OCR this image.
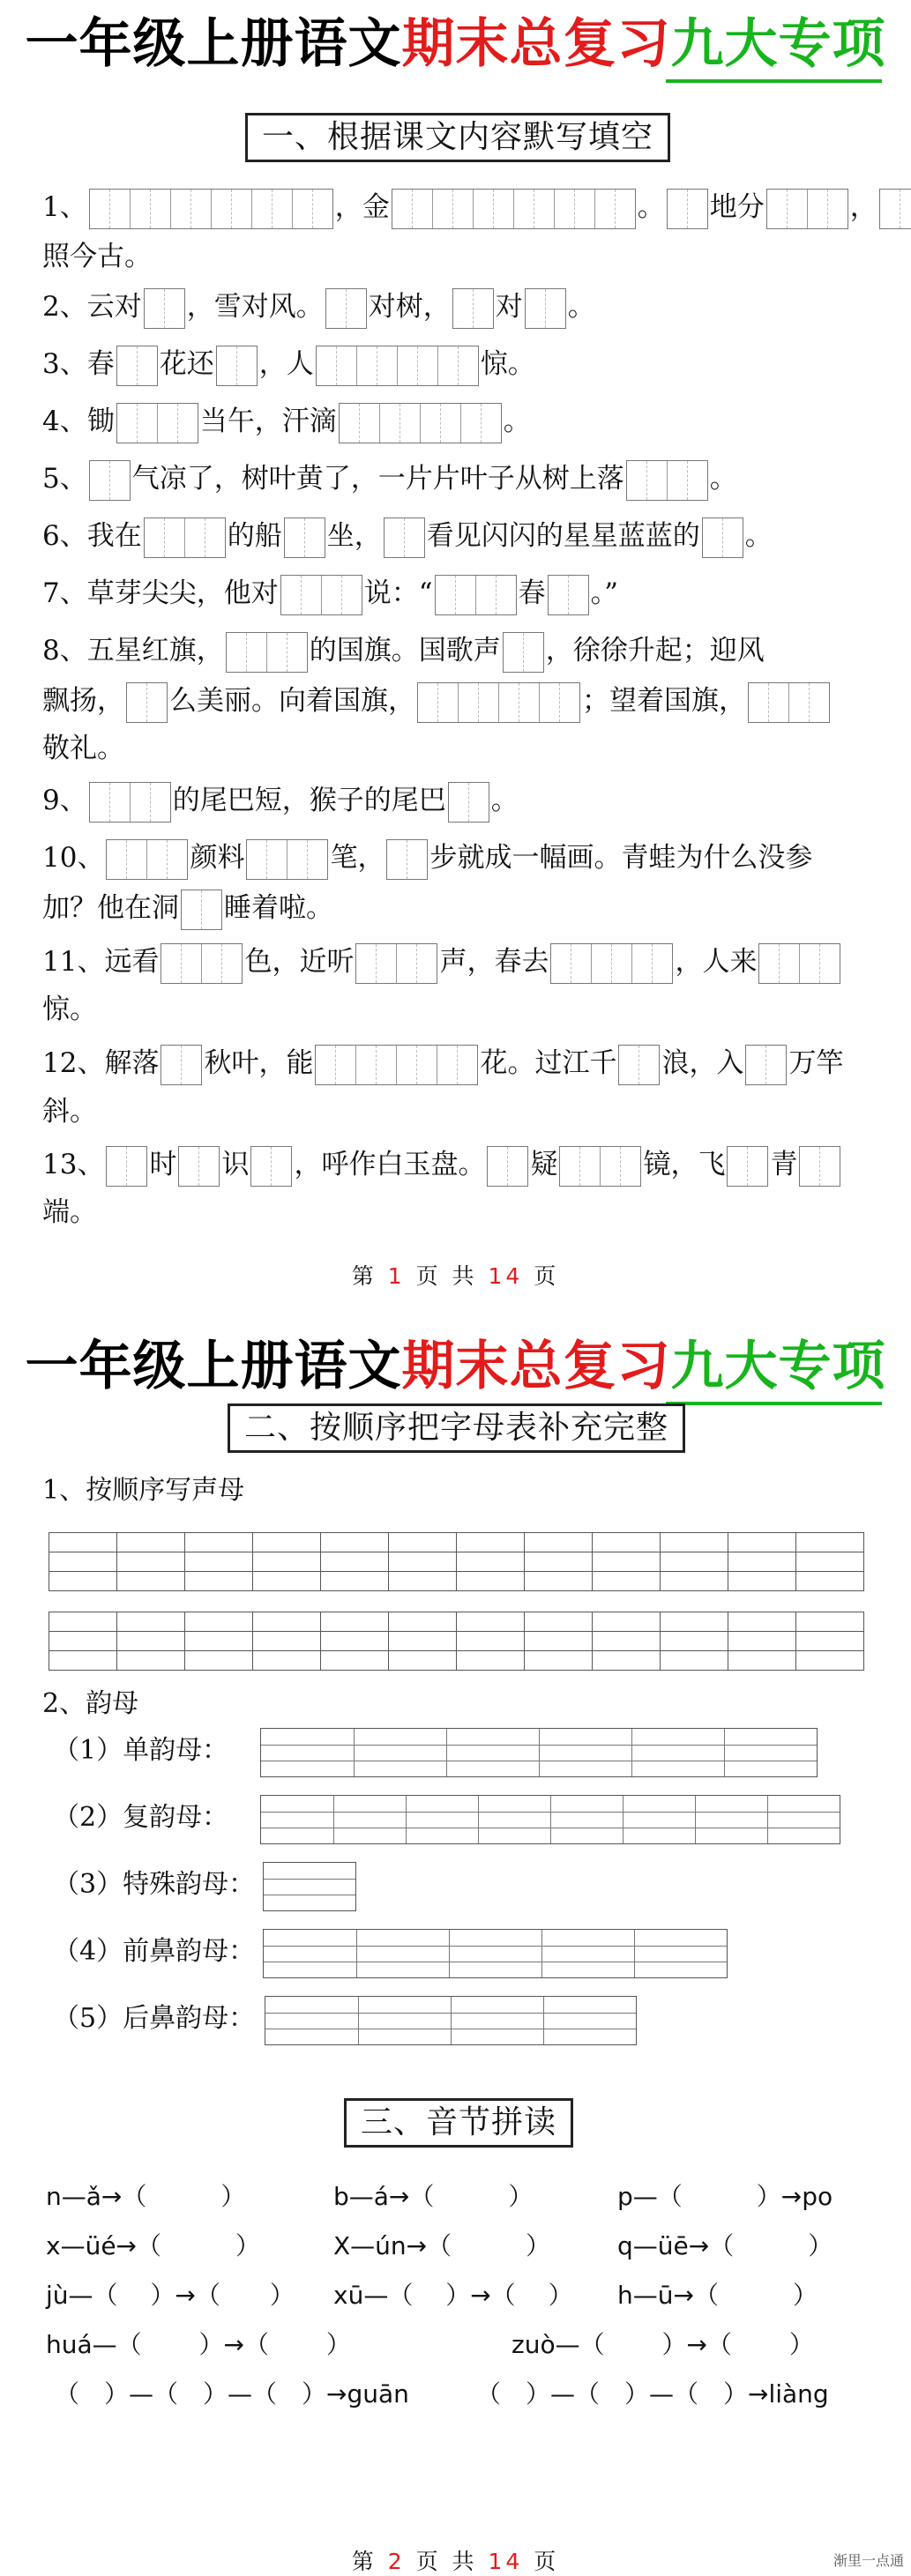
一年级上册语文期末总复习九大专项
一、根据课文内容默写填空
1、	，金	。 地分	，
照今古。
2、云对 ，雪对风。 对树， 对 。
3、春 花还 ，人	惊。
4、锄	当午，汗滴	。
5、 气凉了，树叶黄了，一片片叶子从树上落	。
6、我在	的船 坐， 看见闪闪的星星蓝蓝的 。
7、草芽尖尖，他对	说：“	春 。”
8、五星红旗，	的国旗。国歌声 ，徐徐升起；迎风
飘扬， 么美丽。向着国旗，	；望着国旗，
敬礼。
9、	的尾巴短，猴子的尾巴 。
10、	颜料	笔， 步就成一幅画。青蛙为什么没参
加？他在洞 睡着啦。
11、远看	色，近听	声，春去	，人来
惊。
12、解落 秋叶，能	花。过江千 浪，入 万竿
斜。
13、 时 识 ，呼作白玉盘。 疑	镜，飞 青
端。
第 1 页 共 14 页
一年级上册语文期末总复习九大专项
二、按顺序把字母表补充完整
1、按顺序写声母
2、韵母
（1）单韵母：
（2）复韵母：
（3）特殊韵母：
（4）前鼻韵母：
（5）后鼻韵母：
三、音节拼读
n—ǎ→（　　　）	b—á→（　　　）	p—（　　　）→po
x—üé→（　　　）	X—ún→（　　　）	q—üē→（　　　）
jù—（　 ）→（　　） xū—（　 ）→（　 ） h—ū→（　　　）
huá—（　　 ）→（　　 ）	zuò—（　　 ）→（　　 ）
（　）—（　）—（　）→guān	（　）—（　）—（　）→liàng
第 2 页 共 14 页	渐里一点通
